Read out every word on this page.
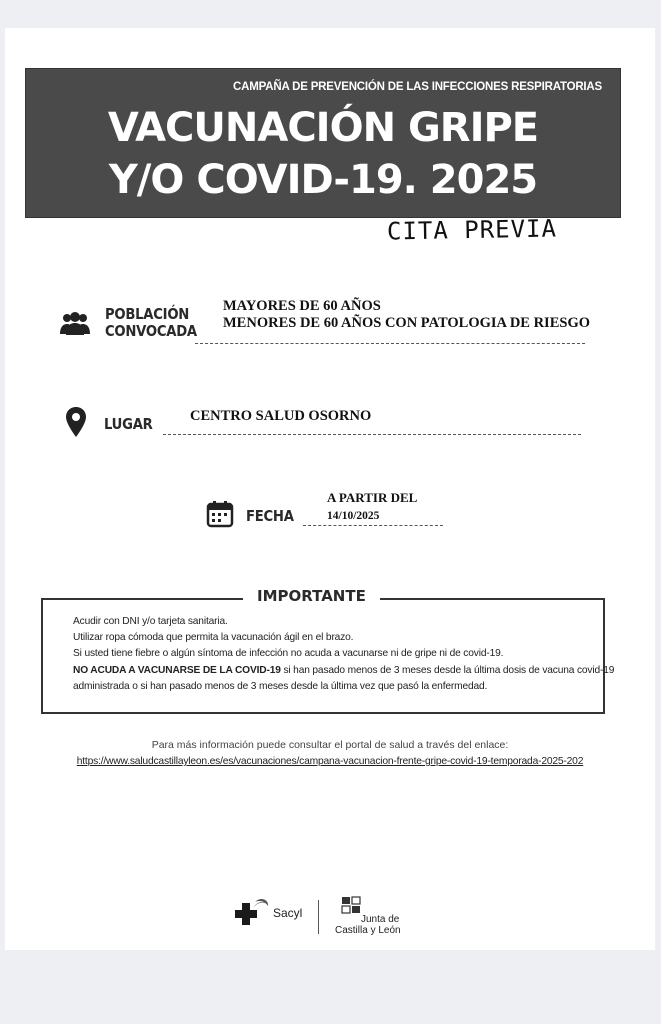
CAMPAÑA DE PREVENCIÓN DE LAS INFECCIONES RESPIRATORIAS
VACUNACIÓN GRIPE
Y/O COVID-19. 2025
CITA PREVIA
POBLACIÓN
CONVOCADA
MAYORES DE 60 AÑOS
MENORES DE 60 AÑOS CON PATOLOGIA DE RIESGO
LUGAR	CENTRO SALUD OSORNO
FECHA
A PARTIR DEL
14/10/2025
IMPORTANTE
Acudir con DNI y/o tarjeta sanitaria.
Utilizar ropa cómoda que permita la vacunación ágil en el brazo.
Si usted tiene fiebre o algún síntoma de infección no acuda a vacunarse ni de gripe ni de covid-19.
NO ACUDA A VACUNARSE DE LA COVID-19 si han pasado menos de 3 meses desde la última dosis de vacuna covid-19
administrada o si han pasado menos de 3 meses desde la última vez que pasó la enfermedad.
Para más información puede consultar el portal de salud a través del enlace:
https://www.saludcastillayleon.es/es/vacunaciones/campana-vacunacion-frente-gripe-covid-19-temporada-2025-202
Sacyl	Junta de
Castilla y León
